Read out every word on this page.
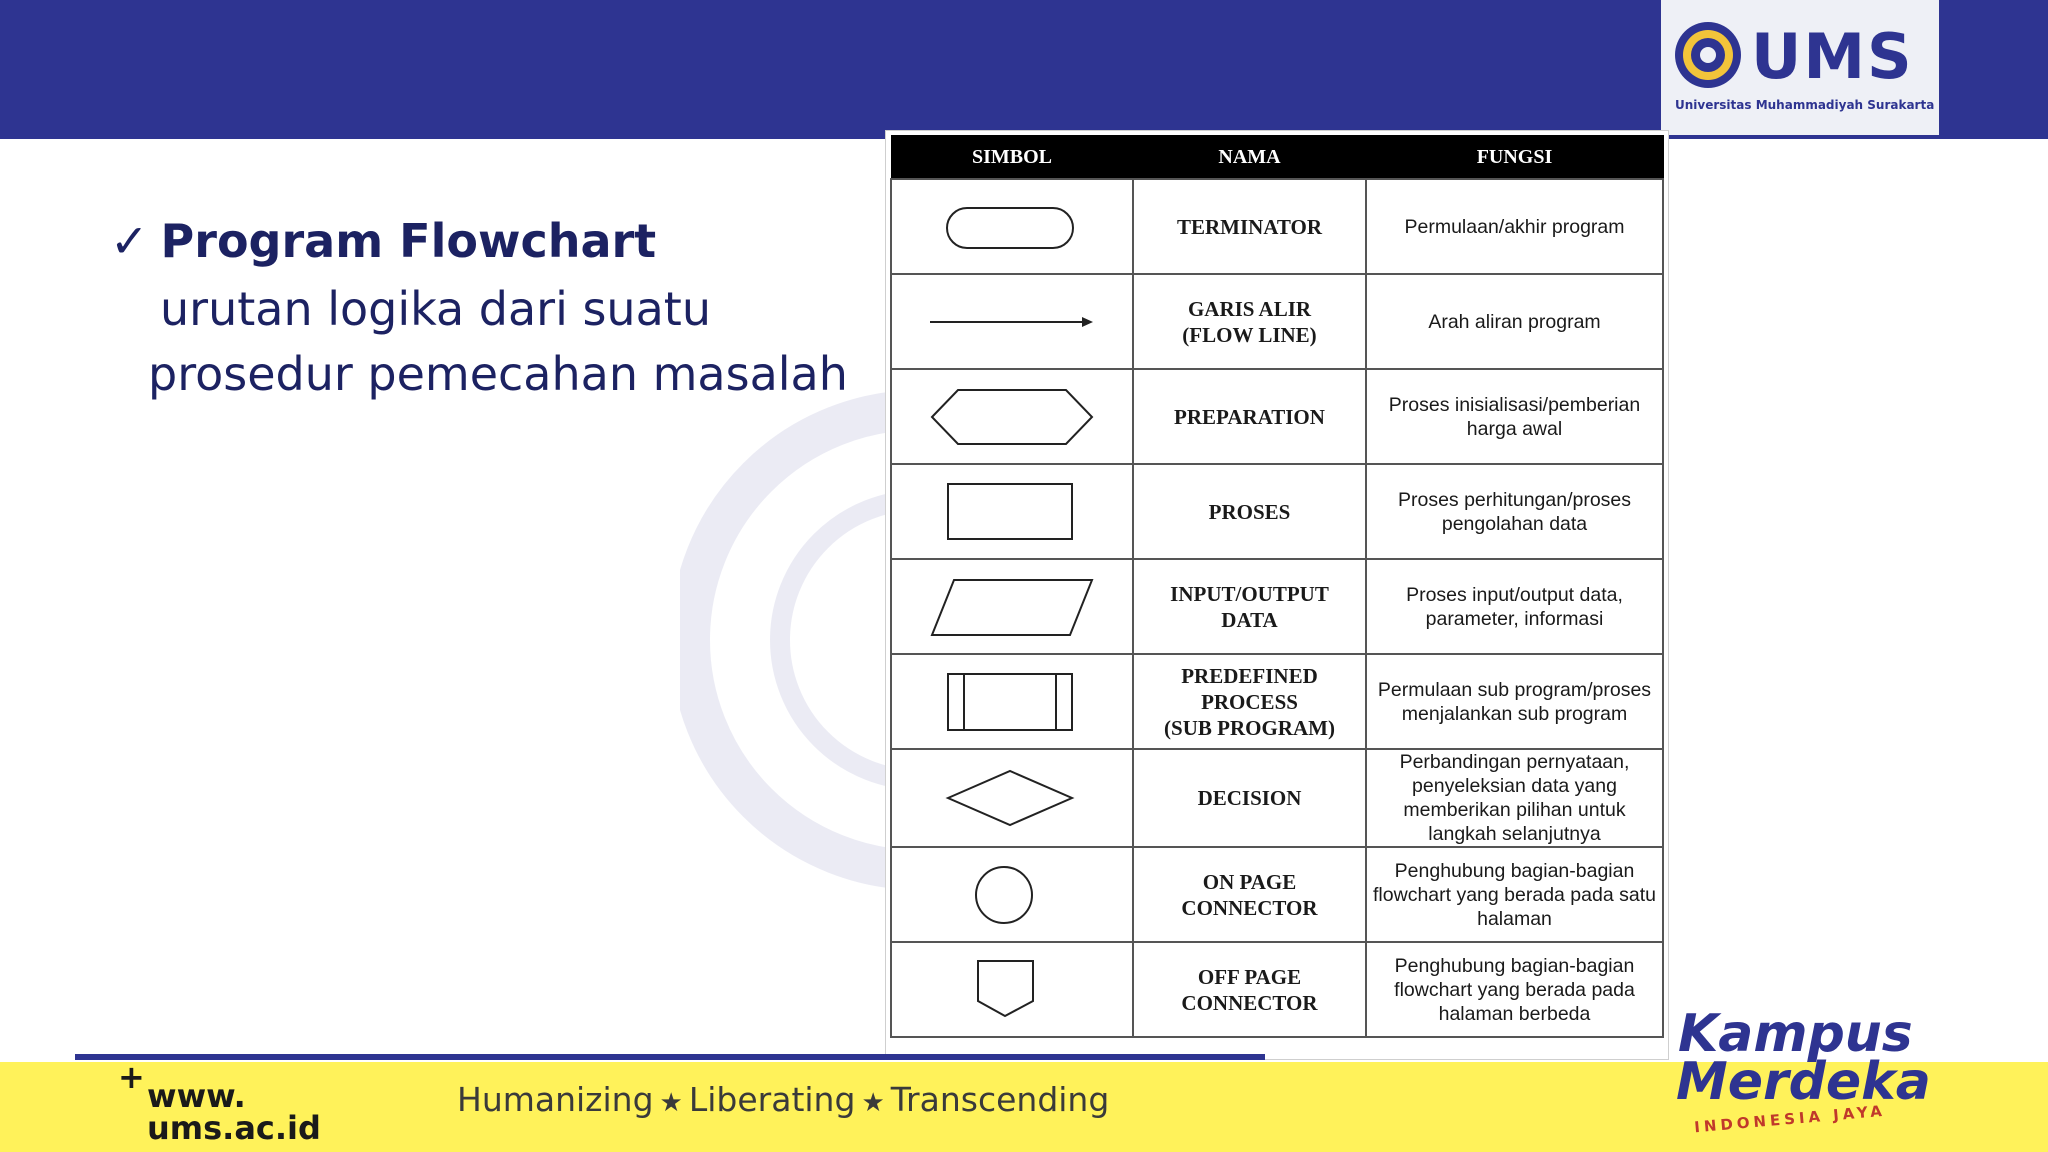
UMS
Universitas Muhammadiyah Surakarta
✓ Program Flowchart
urutan logika dari suatu
prosedur pemecahan masalah
SIMBOL	NAMA	FUNGSI

	TERMINATOR	Permulaan/akhir program

	GARIS ALIR
(FLOW LINE)	Arah aliran program

	PREPARATION	Proses inisialisasi/pemberian harga awal

	PROSES	Proses perhitungan/proses pengolahan data

	INPUT/OUTPUT
DATA	Proses input/output data, parameter, informasi

	PREDEFINED
PROCESS
(SUB PROGRAM)	Permulaan sub program/proses menjalankan sub program

	DECISION	Perbandingan pernyataan, penyeleksian data yang memberikan pilihan untuk langkah selanjutnya

	ON PAGE
CONNECTOR	Penghubung bagian-bagian flowchart yang berada pada satu halaman

	OFF PAGE
CONNECTOR	Penghubung bagian-bagian flowchart yang berada pada halaman berbeda
+ www.
ums.ac.id
Humanizing ★ Liberating ★ Transcending
Kampus
Merdeka
INDONESIA JAYA
